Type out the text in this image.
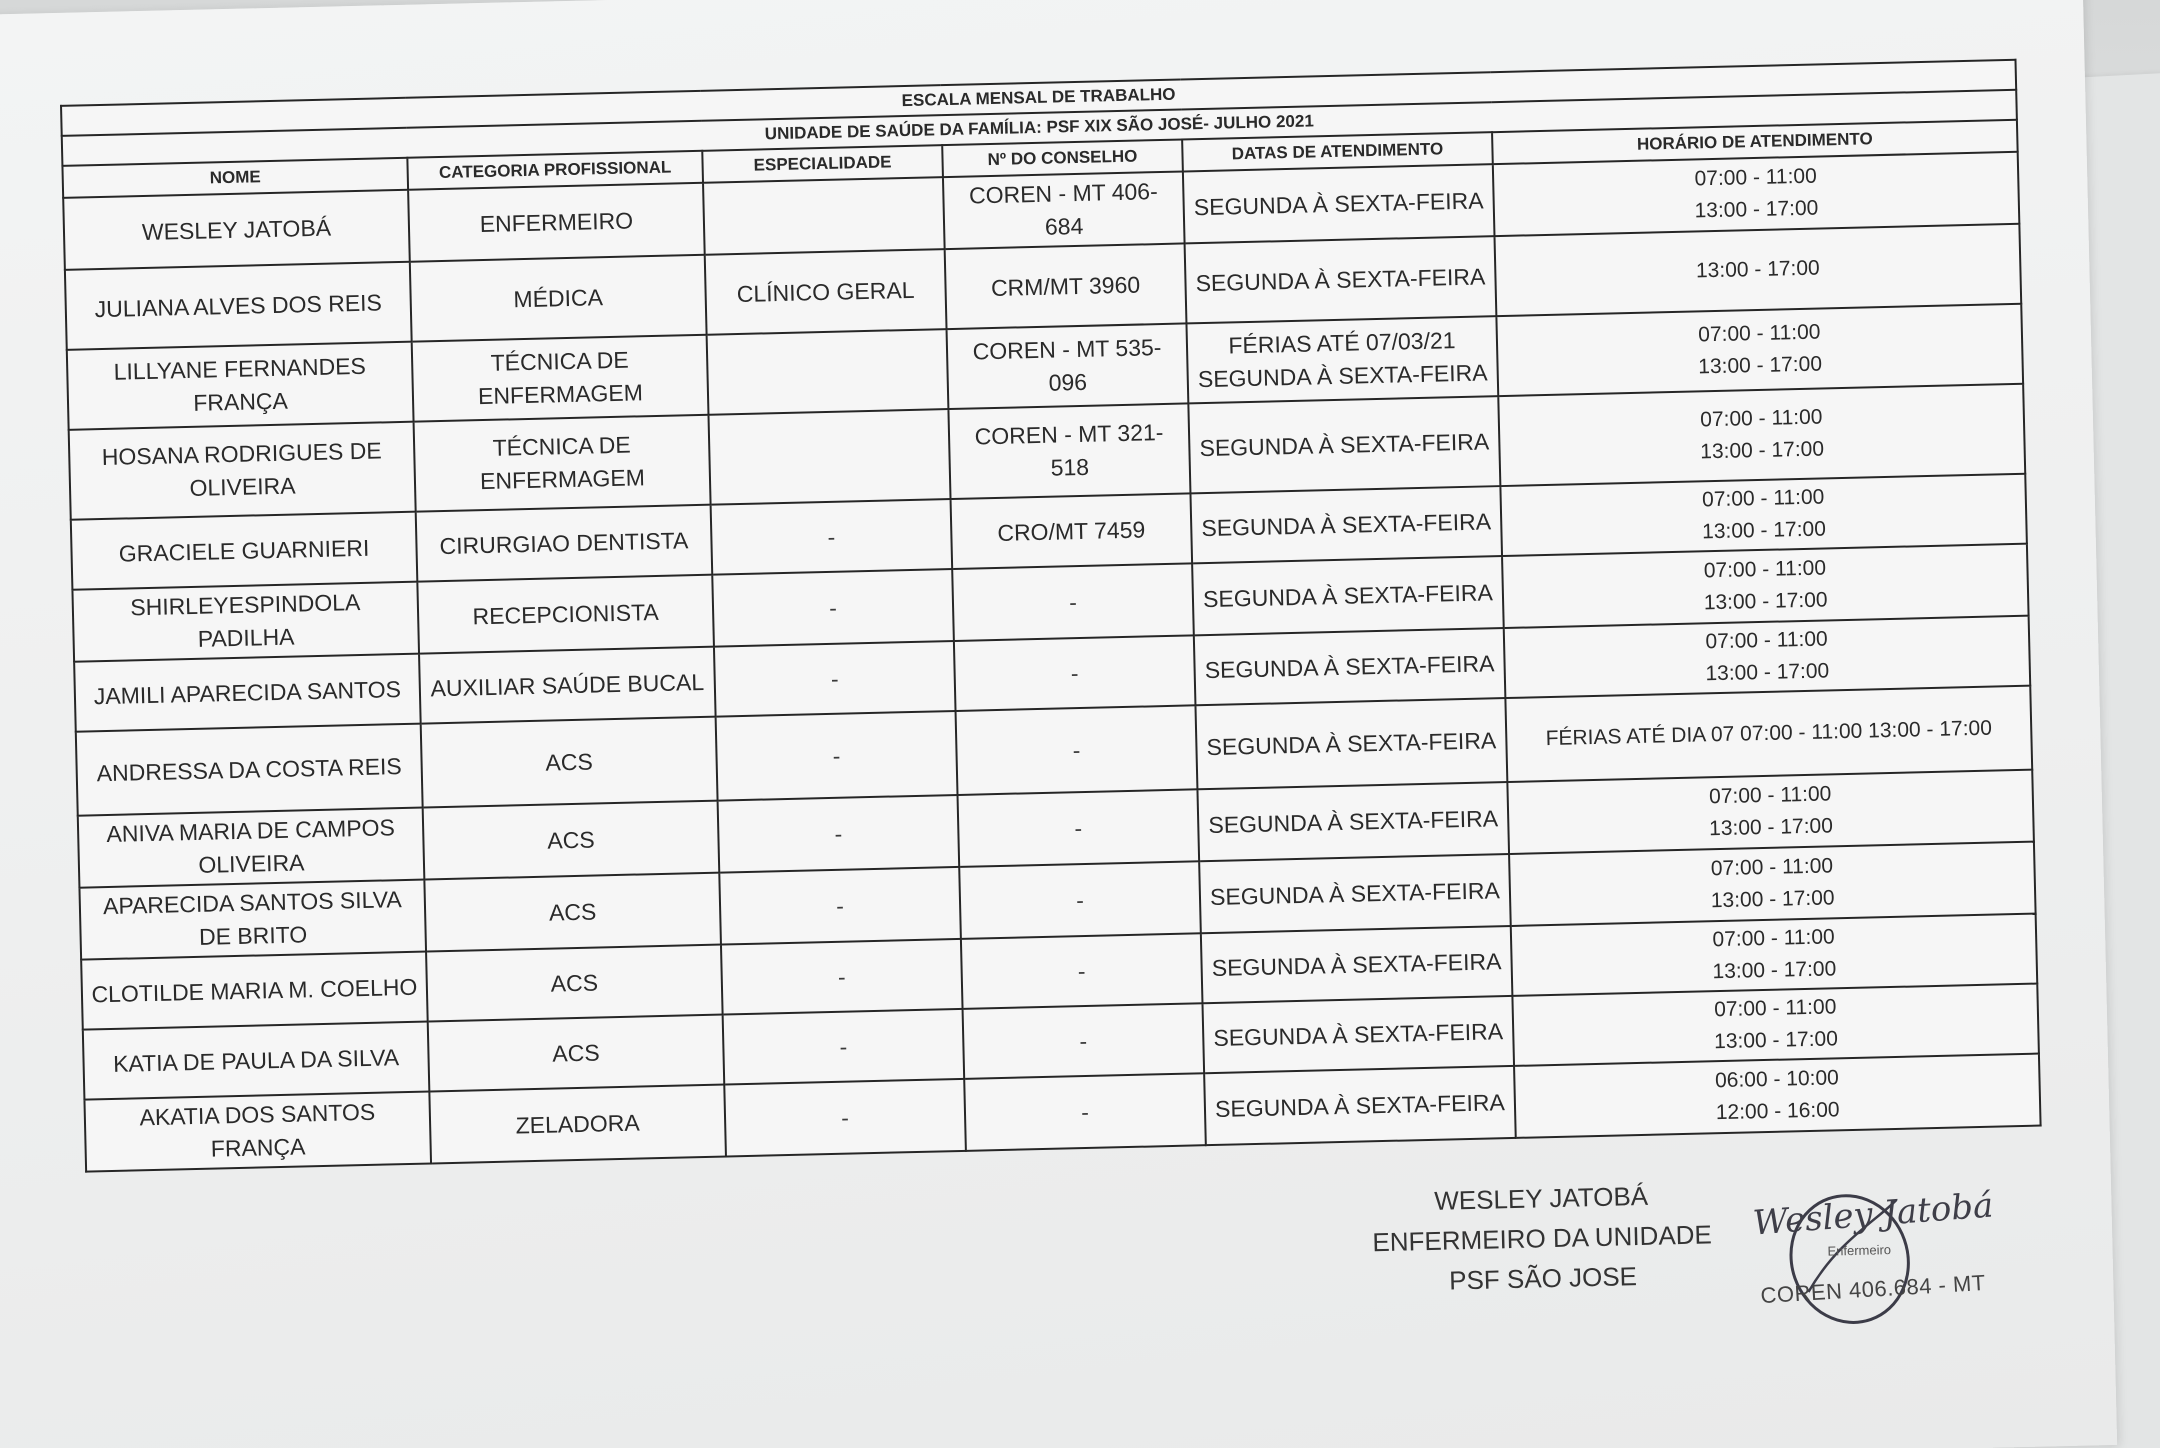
ESCALA MENSAL DE TRABALHO					
UNIDADE DE SAÚDE DA FAMÍLIA: PSF XIX SÃO JOSÉ- JULHO 2021					
NOME	CATEGORIA PROFISSIONAL	ESPECIALIDADE	Nº DO CONSELHO	DATAS DE ATENDIMENTO	HORÁRIO DE ATENDIMENTO
WESLEY JATOBÁ	ENFERMEIRO		COREN - MT 406-684	SEGUNDA À SEXTA-FEIRA	07:00 - 11:00
13:00 - 17:00

JULIANA ALVES DOS REIS	MÉDICA	CLÍNICO GERAL	CRM/MT 3960	SEGUNDA À SEXTA-FEIRA	13:00 - 17:00

LILLYANE FERNANDES FRANÇA	TÉCNICA DE ENFERMAGEM		COREN - MT 535-096	FÉRIAS ATÉ 07/03/21 SEGUNDA À SEXTA-FEIRA	07:00 - 11:00
13:00 - 17:00

HOSANA RODRIGUES DE OLIVEIRA	TÉCNICA DE ENFERMAGEM		COREN - MT 321-518	SEGUNDA À SEXTA-FEIRA	07:00 - 11:00
13:00 - 17:00

GRACIELE GUARNIERI	CIRURGIAO DENTISTA	-	CRO/MT 7459	SEGUNDA À SEXTA-FEIRA	07:00 - 11:00
13:00 - 17:00

SHIRLEYESPINDOLA PADILHA	RECEPCIONISTA	-	-	SEGUNDA À SEXTA-FEIRA	07:00 - 11:00
13:00 - 17:00

JAMILI APARECIDA SANTOS	AUXILIAR SAÚDE BUCAL	-	-	SEGUNDA À SEXTA-FEIRA	07:00 - 11:00
13:00 - 17:00

ANDRESSA DA COSTA REIS	ACS	-	-	SEGUNDA À SEXTA-FEIRA	FÉRIAS ATÉ DIA 07 07:00 - 11:00 13:00 - 17:00

ANIVA MARIA DE CAMPOS OLIVEIRA	ACS	-	-	SEGUNDA À SEXTA-FEIRA	07:00 - 11:00
13:00 - 17:00

APARECIDA SANTOS SILVA DE BRITO	ACS	-	-	SEGUNDA À SEXTA-FEIRA	07:00 - 11:00
13:00 - 17:00

CLOTILDE MARIA M. COELHO	ACS	-	-	SEGUNDA À SEXTA-FEIRA	07:00 - 11:00
13:00 - 17:00

KATIA DE PAULA DA SILVA	ACS	-	-	SEGUNDA À SEXTA-FEIRA	07:00 - 11:00
13:00 - 17:00

AKATIA DOS SANTOS FRANÇA	ZELADORA	-	-	SEGUNDA À SEXTA-FEIRA	06:00 - 10:00
12:00 - 16:00
WESLEY JATOBÁ
ENFERMEIRO DA UNIDADE
PSF SÃO JOSE
Wesley Jatobá
Enfermeiro
COREN 406.684 - MT
